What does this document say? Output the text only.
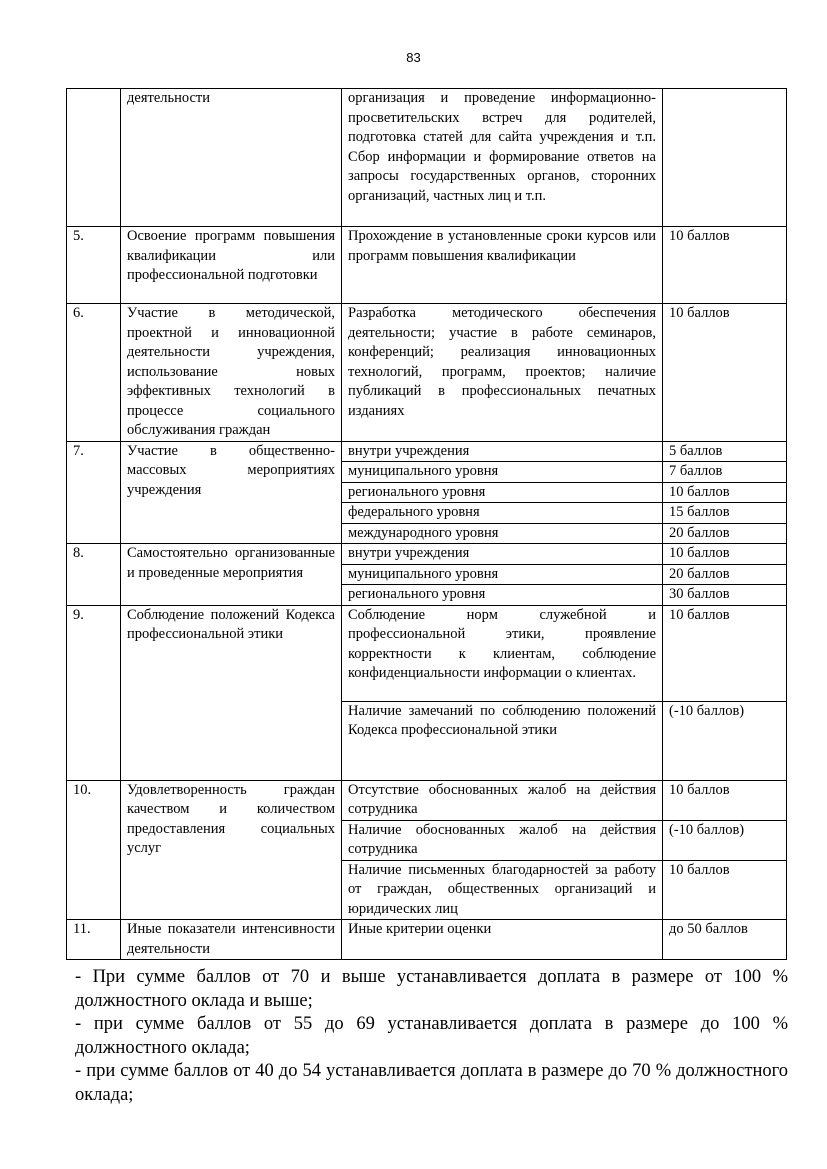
83
	деятельности	организация и проведение информационно-просветительских встреч для родителей, подготовка статей для сайта учреждения и т.п. Сбор информации и формирование ответов на запросы государственных органов, сторонних организаций, частных лиц и т.п.	
5.	Освоение программ повышения квалификации или профессиональной подготовки	Прохождение в установленные сроки курсов или программ повышения квалификации	10 баллов
6.	Участие в методической, проектной и инновационной деятельности учреждения, использование новых эффективных технологий в процессе социального обслуживания граждан	Разработка методического обеспечения деятельности; участие в работе семинаров, конференций; реализация инновационных технологий, программ, проектов; наличие публикаций в профессиональных печатных изданиях	10 баллов
7.	Участие в общественно-массовых мероприятиях учреждения	внутри учреждения	5 баллов
		муниципального уровня	7 баллов
		регионального уровня	10 баллов
		федерального уровня	15 баллов
		международного уровня	20 баллов
8.	Самостоятельно организованные и проведенные мероприятия	внутри учреждения	10 баллов
		муниципального уровня	20 баллов
		регионального уровня	30 баллов
9.	Соблюдение положений Кодекса профессиональной этики	Соблюдение норм служебной и профессиональной этики, проявление корректности к клиентам, соблюдение конфиденциальности информации о клиентах.	10 баллов
		Наличие замечаний по соблюдению положений Кодекса профессиональной этики	(-10 баллов)
10.	Удовлетворенность граждан качеством и количеством предоставления социальных услуг	Отсутствие обоснованных жалоб на действия сотрудника	10 баллов
		Наличие обоснованных жалоб на действия сотрудника	(-10 баллов)
		Наличие письменных благодарностей за работу от граждан, общественных организаций и юридических лиц	10 баллов
11.	Иные показатели интенсивности деятельности	Иные критерии оценки	до 50 баллов

- При сумме баллов от 70 и выше устанавливается доплата в размере от 100 % должностного оклада и выше;

- при сумме баллов от 55 до 69 устанавливается доплата в размере до 100 % должностного оклада;

- при сумме баллов от 40 до 54 устанавливается доплата в размере до 70 % должностного оклада;
